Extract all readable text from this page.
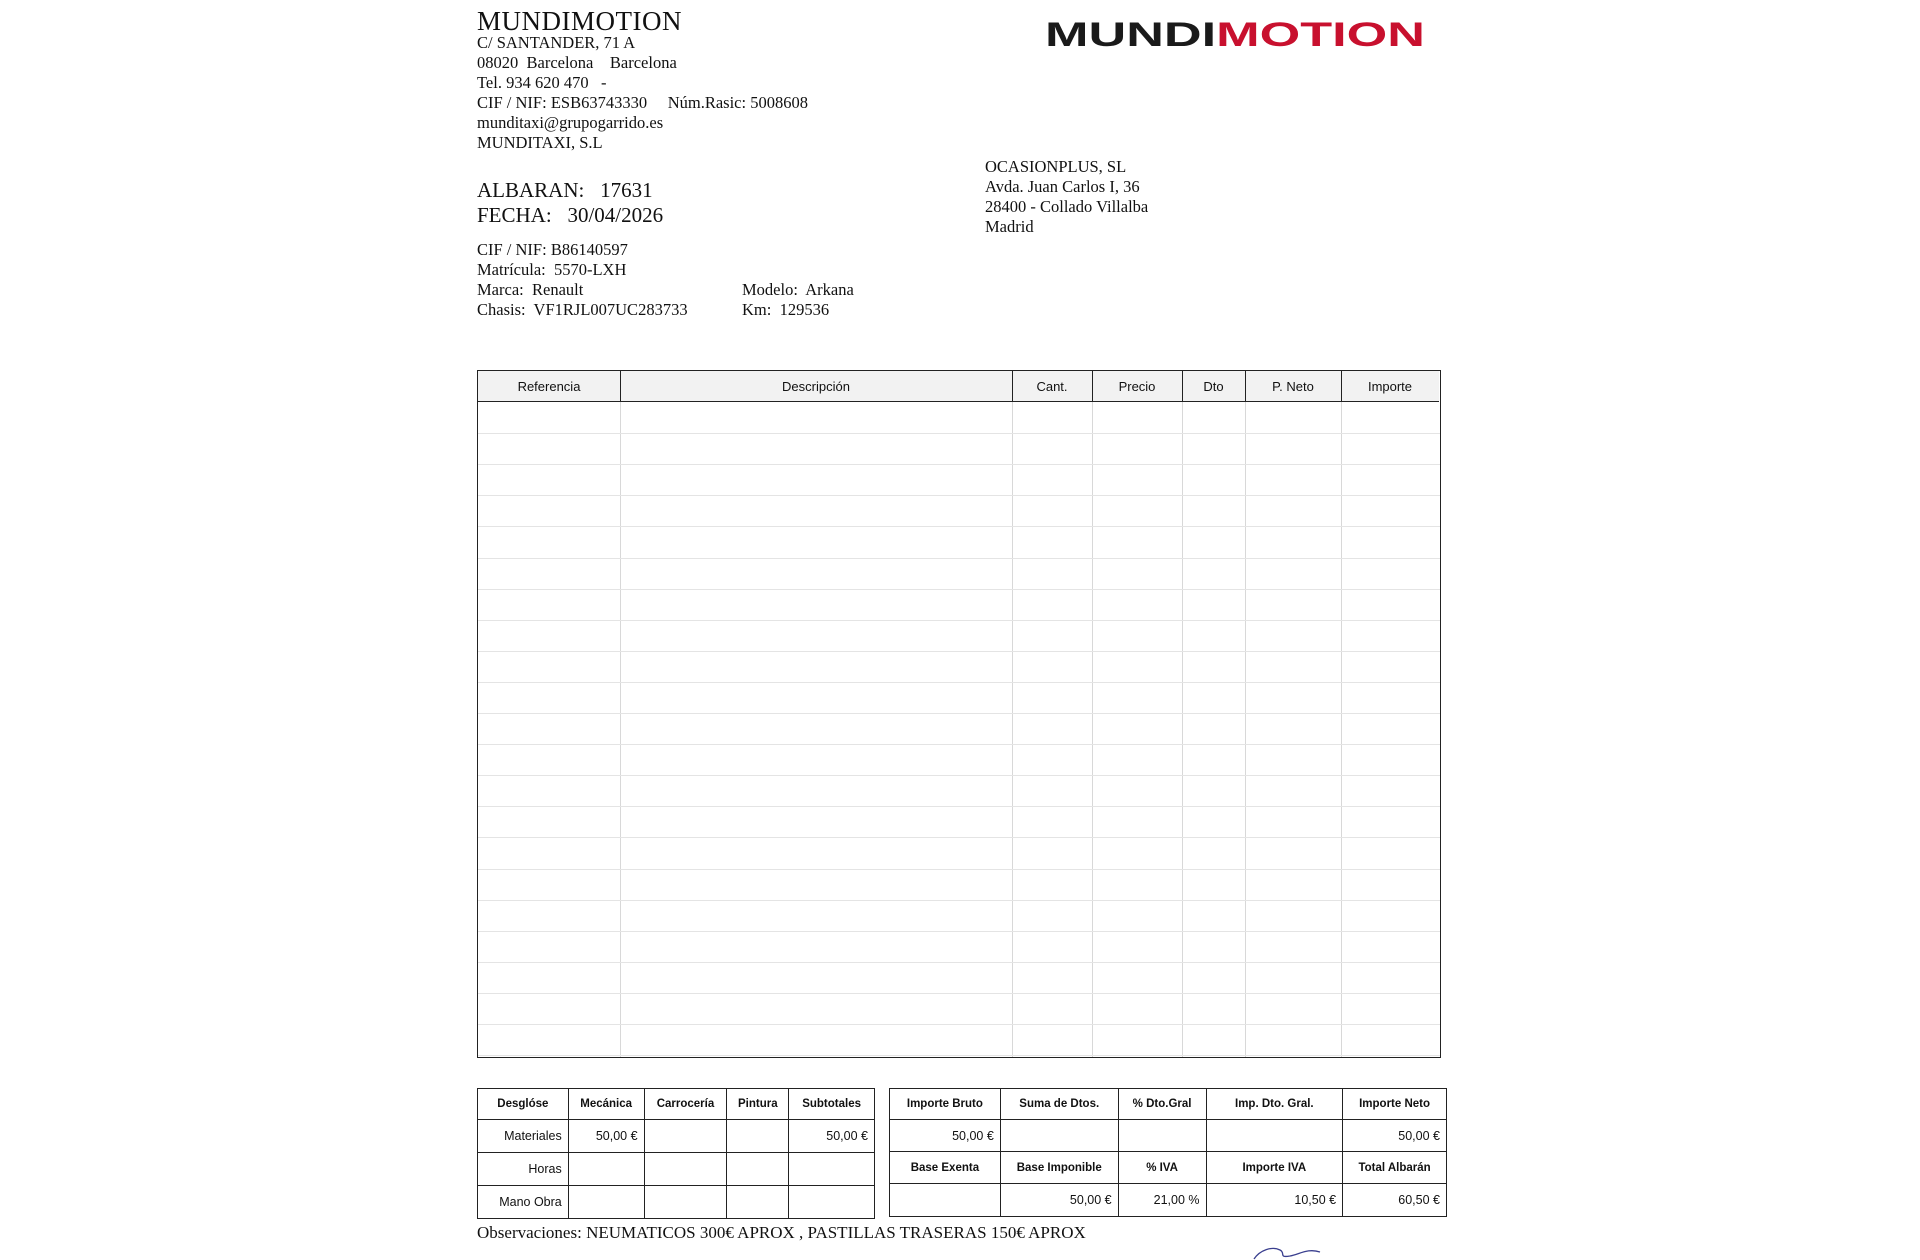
MUNDIMOTION
C/ SANTANDER, 71 A
08020 Barcelona Barcelona
Tel. 934 620 470 -
CIF / NIF: ESB63743330 Núm.Rasic: 5008608
munditaxi@grupogarrido.es
MUNDITAXI, S.L
MUNDI MOTION
ALBARAN: 17631
FECHA: 30/04/2026
CIF / NIF: B86140597
Matrícula: 5570-LXH
Marca: Renault
Chasis: VF1RJL007UC283733
Modelo: Arkana
Km: 129536
OCASIONPLUS, SL
Avda. Juan Carlos I, 36
28400 - Collado Villalba
Madrid
Referencia	Descripción	Cant.	Precio	Dto	P. Neto	Importe
Desglóse	Mecánica	Carrocería	Pintura	Subtotales
Materiales	50,00 €			50,00 €
Horas				
Mano Obra				
Importe Bruto	Suma de Dtos.	% Dto.Gral	Imp. Dto. Gral.	Importe Neto
50,00 €				50,00 €
Base Exenta	Base Imponible	% IVA	Importe IVA	Total Albarán
	50,00 €	21,00 %	10,50 €	60,50 €
Observaciones: NEUMATICOS 300€ APROX , PASTILLAS TRASERAS 150€ APROX
